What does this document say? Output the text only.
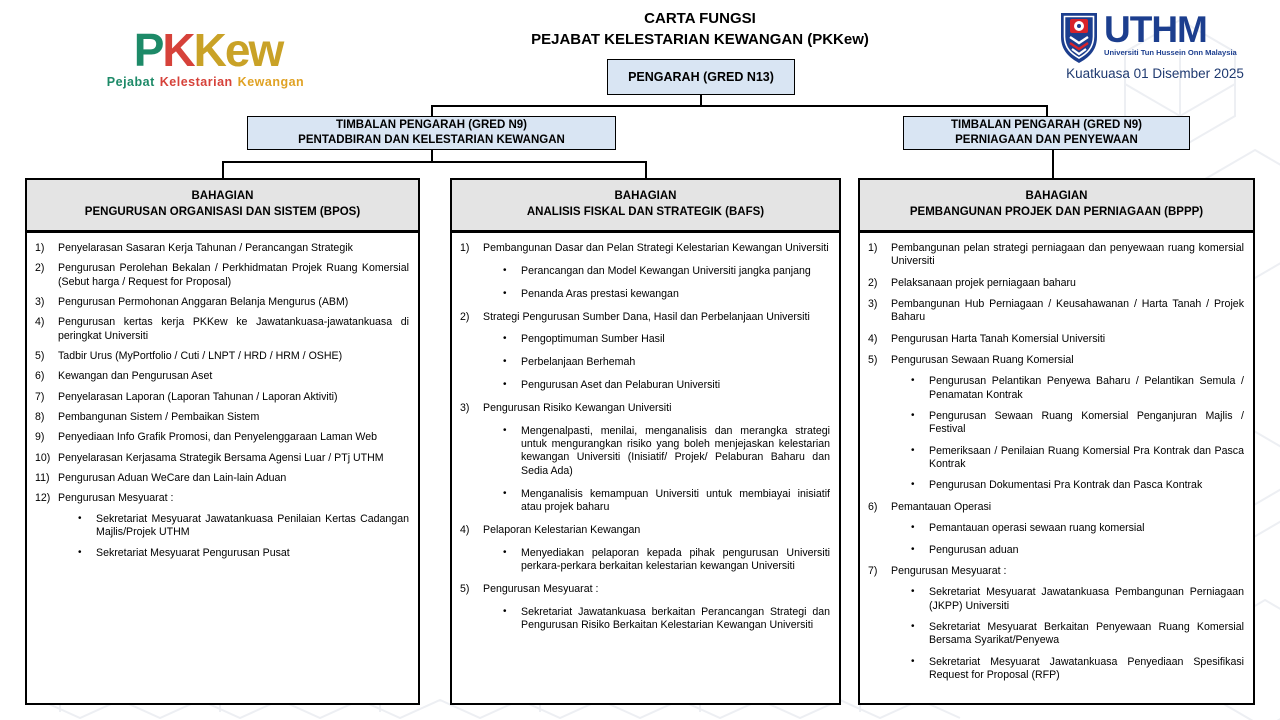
CARTA FUNGSI
PEJABAT KELESTARIAN KEWANGAN (PKKew)
PKKew
Pejabat Kelestarian Kewangan
UTHM
Universiti Tun Hussein Onn Malaysia
Kuatkuasa 01 Disember 2025
PENGARAH (GRED N13)
TIMBALAN PENGARAH (GRED N9)
PENTADBIRAN DAN KELESTARIAN KEWANGAN
TIMBALAN PENGARAH (GRED N9)
PERNIAGAAN DAN PENYEWAAN
BAHAGIAN
PENGURUSAN ORGANISASI DAN SISTEM (BPOS)
1)	Penyelarasan Sasaran Kerja Tahunan / Perancangan Strategik
2)	Pengurusan Perolehan Bekalan / Perkhidmatan Projek Ruang Komersial (Sebut harga / Request for Proposal)
3)	Pengurusan Permohonan Anggaran Belanja Mengurus (ABM)
4)	Pengurusan kertas kerja PKKew ke Jawatankuasa-jawatankuasa di peringkat Universiti
5)	Tadbir Urus (MyPortfolio / Cuti / LNPT / HRD / HRM / OSHE)
6)	Kewangan dan Pengurusan Aset
7)	Penyelarasan Laporan (Laporan Tahunan / Laporan Aktiviti)
8)	Pembangunan Sistem / Pembaikan Sistem
9)	Penyediaan Info Grafik Promosi, dan Penyelenggaraan Laman Web
10) Penyelarasan Kerjasama Strategik Bersama Agensi Luar / PTj UTHM
11) Pengurusan Aduan WeCare dan Lain-lain Aduan
12) Pengurusan Mesyuarat :
•	Sekretariat Mesyuarat Jawatankuasa Penilaian Kertas Cadangan Majlis/Projek UTHM
•	Sekretariat Mesyuarat Pengurusan Pusat
BAHAGIAN
ANALISIS FISKAL DAN STRATEGIK (BAFS)
1)	Pembangunan Dasar dan Pelan Strategi Kelestarian Kewangan Universiti
•	Perancangan dan Model Kewangan Universiti jangka panjang
•	Penanda Aras prestasi kewangan
2)	Strategi Pengurusan Sumber Dana, Hasil dan Perbelanjaan Universiti
•	Pengoptimuman Sumber Hasil
•	Perbelanjaan Berhemah
•	Pengurusan Aset dan Pelaburan Universiti
3)	Pengurusan Risiko Kewangan Universiti
•	Mengenalpasti, menilai, menganalisis dan merangka strategi untuk mengurangkan risiko yang boleh menjejaskan kelestarian kewangan Universiti (Inisiatif/ Projek/ Pelaburan Baharu dan Sedia Ada)
•	Menganalisis kemampuan Universiti untuk membiayai inisiatif atau projek baharu
4)	Pelaporan Kelestarian Kewangan
•	Menyediakan pelaporan kepada pihak pengurusan Universiti perkara-perkara berkaitan kelestarian kewangan Universiti
5)	Pengurusan Mesyuarat :
•	Sekretariat Jawatankuasa berkaitan Perancangan Strategi dan Pengurusan Risiko Berkaitan Kelestarian Kewangan Universiti
BAHAGIAN
PEMBANGUNAN PROJEK DAN PERNIAGAAN (BPPP)
1)	Pembangunan pelan strategi perniagaan dan penyewaan ruang komersial Universiti
2)	Pelaksanaan projek perniagaan baharu
3)	Pembangunan Hub Perniagaan / Keusahawanan / Harta Tanah / Projek Baharu
4)	Pengurusan Harta Tanah Komersial Universiti
5)	Pengurusan Sewaan Ruang Komersial
•	Pengurusan Pelantikan Penyewa Baharu / Pelantikan Semula / Penamatan Kontrak
•	Pengurusan Sewaan Ruang Komersial Penganjuran Majlis / Festival
•	Pemeriksaan / Penilaian Ruang Komersial Pra Kontrak dan Pasca Kontrak
•	Pengurusan Dokumentasi Pra Kontrak dan Pasca Kontrak
6)	Pemantauan Operasi
•	Pemantauan operasi sewaan ruang komersial
•	Pengurusan aduan
7)	Pengurusan Mesyuarat :
•	Sekretariat Mesyuarat Jawatankuasa Pembangunan Perniagaan (JKPP) Universiti
•	Sekretariat Mesyuarat Berkaitan Penyewaan Ruang Komersial Bersama Syarikat/Penyewa
•	Sekretariat Mesyuarat Jawatankuasa Penyediaan Spesifikasi Request for Proposal (RFP)
